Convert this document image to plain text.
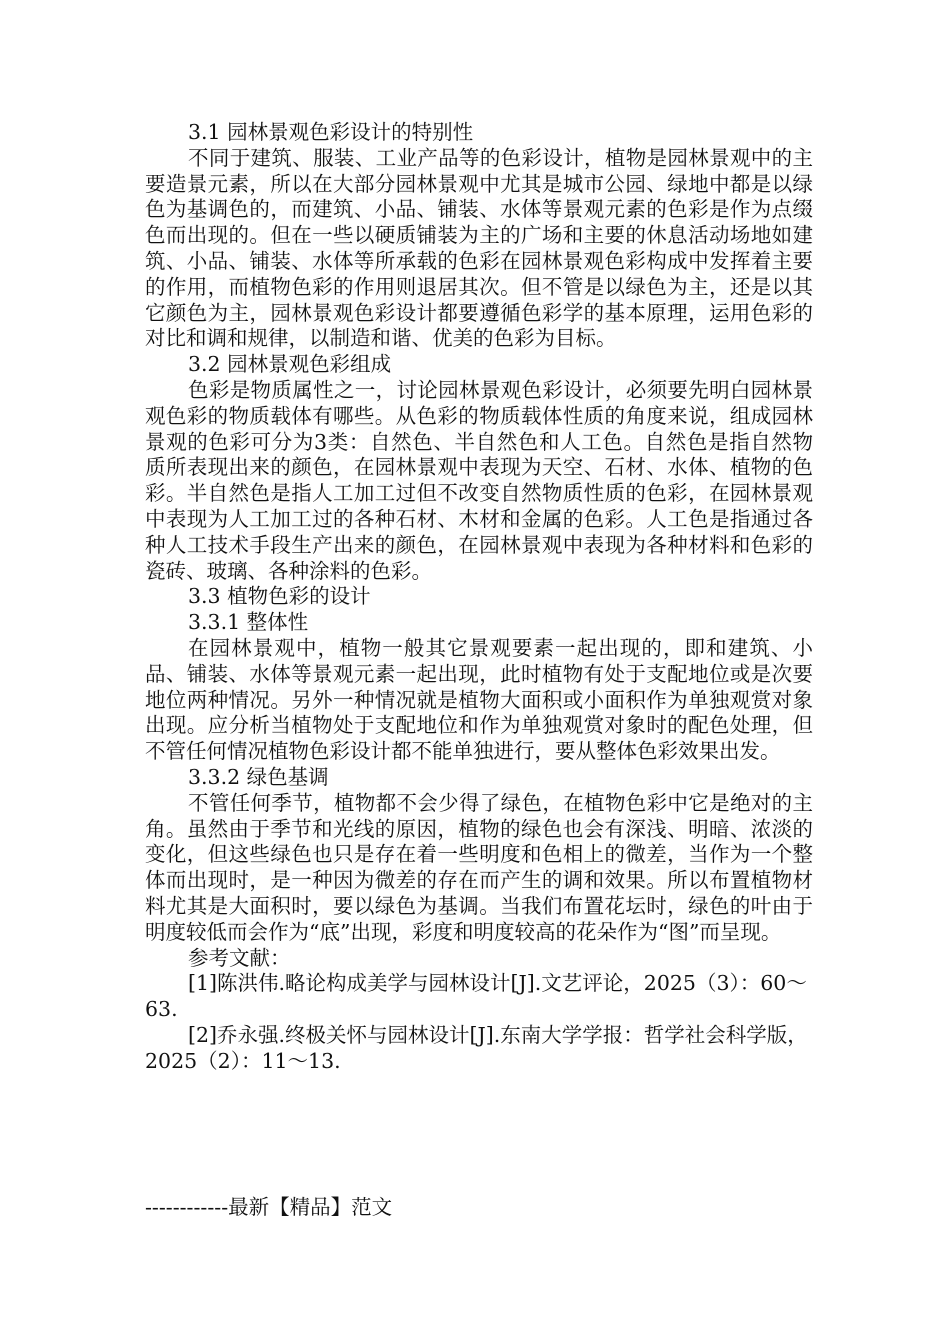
3.1 园林景观色彩设计的特别性

不同于建筑、服装、工业产品等的色彩设计，植物是园林景观中的主要造景元素，所以在大部分园林景观中尤其是城市公园、绿地中都是以绿色为基调色的，而建筑、小品、铺装、水体等景观元素的色彩是作为点缀色而出现的。但在一些以硬质铺装为主的广场和主要的休息活动场地如建筑、小品、铺装、水体等所承载的色彩在园林景观色彩构成中发挥着主要的作用，而植物色彩的作用则退居其次。但不管是以绿色为主，还是以其它颜色为主，园林景观色彩设计都要遵循色彩学的基本原理，运用色彩的对比和调和规律，以制造和谐、优美的色彩为目标。

3.2 园林景观色彩组成

色彩是物质属性之一，讨论园林景观色彩设计，必须要先明白园林景观色彩的物质载体有哪些。从色彩的物质载体性质的角度来说，组成园林景观的色彩可分为3类：自然色、半自然色和人工色。自然色是指自然物质所表现出来的颜色，在园林景观中表现为天空、石材、水体、植物的色彩。半自然色是指人工加工过但不改变自然物质性质的色彩，在园林景观中表现为人工加工过的各种石材、木材和金属的色彩。人工色是指通过各种人工技术手段生产出来的颜色，在园林景观中表现为各种材料和色彩的瓷砖、玻璃、各种涂料的色彩。

3.3 植物色彩的设计

3.3.1 整体性

在园林景观中，植物一般其它景观要素一起出现的，即和建筑、小品、铺装、水体等景观元素一起出现，此时植物有处于支配地位或是次要地位两种情况。另外一种情况就是植物大面积或小面积作为单独观赏对象出现。应分析当植物处于支配地位和作为单独观赏对象时的配色处理，但不管任何情况植物色彩设计都不能单独进行，要从整体色彩效果出发。

3.3.2 绿色基调

不管任何季节，植物都不会少得了绿色，在植物色彩中它是绝对的主角。虽然由于季节和光线的原因，植物的绿色也会有深浅、明暗、浓淡的变化，但这些绿色也只是存在着一些明度和色相上的微差，当作为一个整体而出现时，是一种因为微差的存在而产生的调和效果。所以布置植物材料尤其是大面积时，要以绿色为基调。当我们布置花坛时，绿色的叶由于明度较低而会作为“底”出现，彩度和明度较高的花朵作为“图”而呈现。

参考文献：

[1]陈洪伟.略论构成美学与园林设计[J].文艺评论，2025（3）：60～63.

[2]乔永强.终极关怀与园林设计[J].东南大学学报：哲学社会科学版，2025（2）：11～13.

------------最新【精品】范文
